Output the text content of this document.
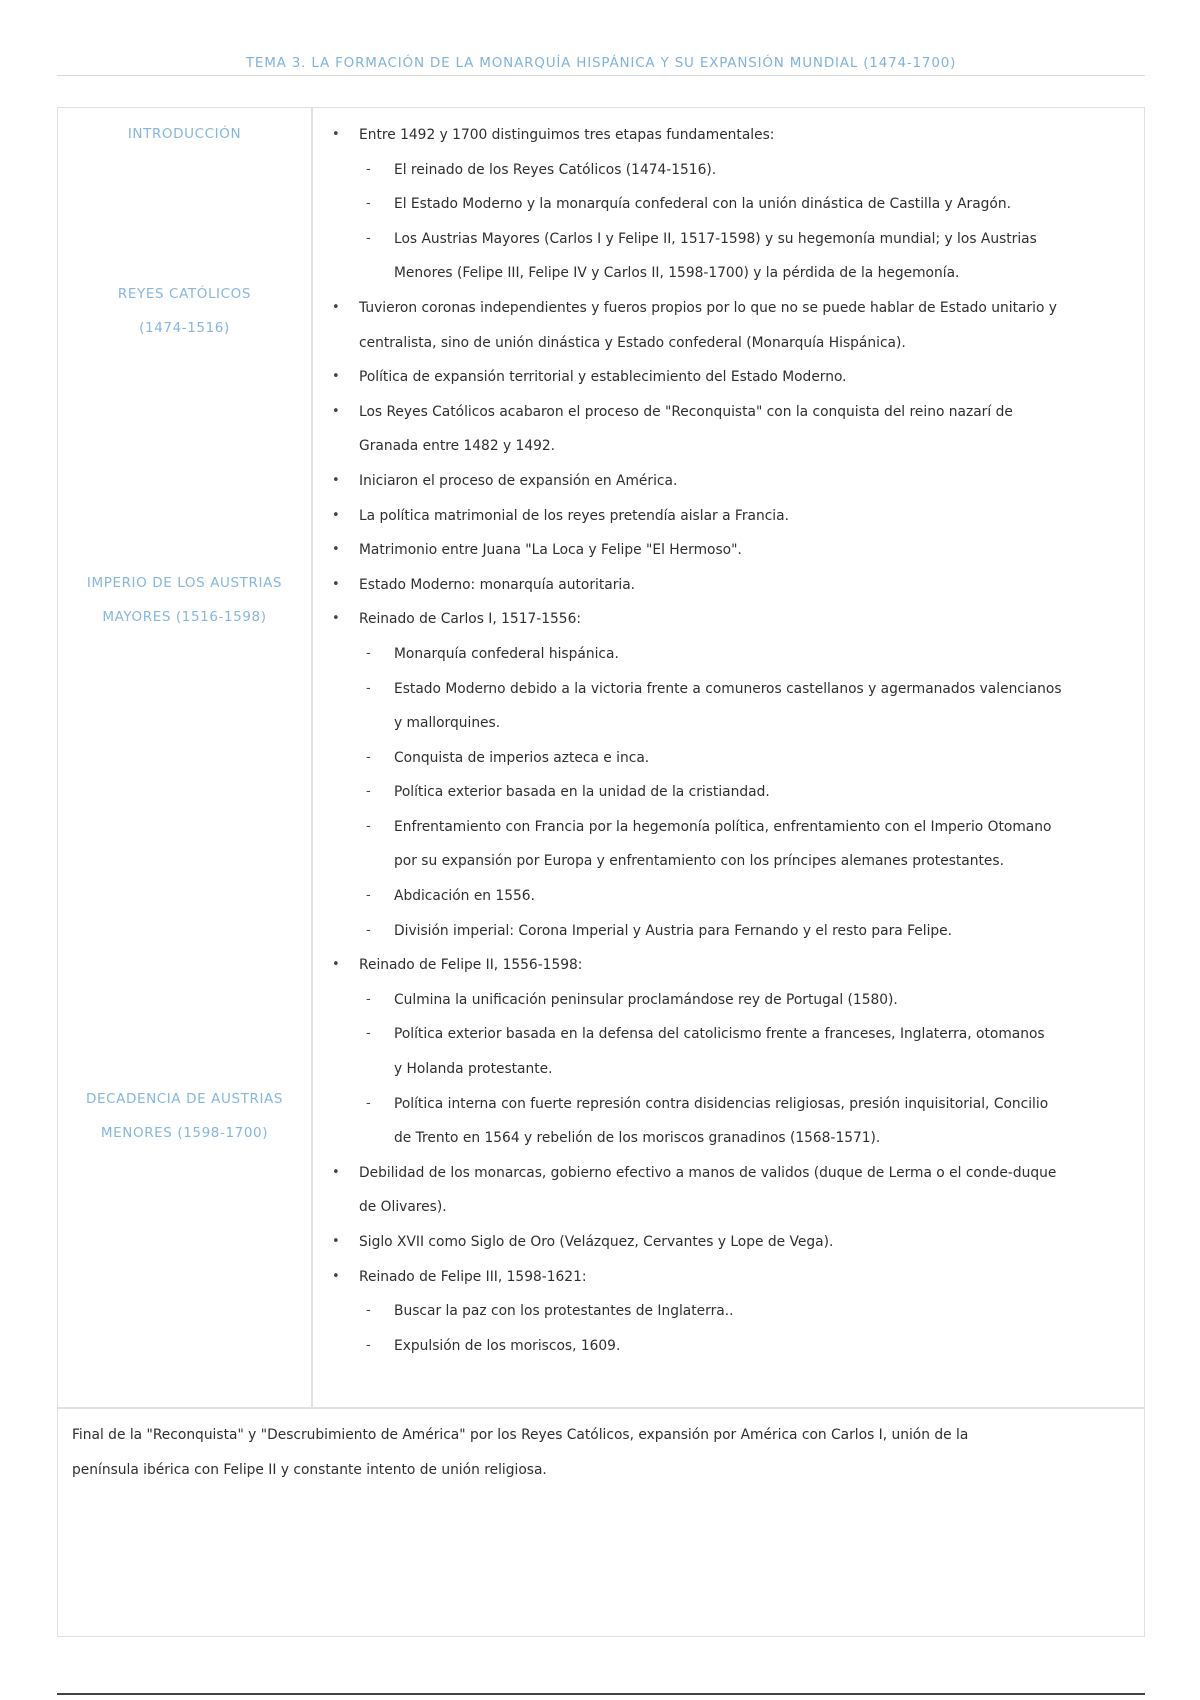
TEMA 3. LA FORMACIÓN DE LA MONARQUÍA HISPÁNICA Y SU EXPANSIÓN MUNDIAL (1474-1700)
INTRODUCCIÓN
REYES CATÓLICOS
(1474-1516)
IMPERIO DE LOS AUSTRIAS
MAYORES (1516-1598)
DECADENCIA DE AUSTRIAS
MENORES (1598-1700)
• Entre 1492 y 1700 distinguimos tres etapas fundamentales:
- El reinado de los Reyes Católicos (1474-1516).
- El Estado Moderno y la monarquía confederal con la unión dinástica de Castilla y Aragón.
- Los Austrias Mayores (Carlos I y Felipe II, 1517-1598) y su hegemonía mundial; y los Austrias
Menores (Felipe III, Felipe IV y Carlos II, 1598-1700) y la pérdida de la hegemonía.
• Tuvieron coronas independientes y fueros propios por lo que no se puede hablar de Estado unitario y
centralista, sino de unión dinástica y Estado confederal (Monarquía Hispánica).
• Política de expansión territorial y establecimiento del Estado Moderno.
• Los Reyes Católicos acabaron el proceso de "Reconquista" con la conquista del reino nazarí de
Granada entre 1482 y 1492.
• Iniciaron el proceso de expansión en América.
• La política matrimonial de los reyes pretendía aislar a Francia.
• Matrimonio entre Juana "La Loca y Felipe "El Hermoso".
• Estado Moderno: monarquía autoritaria.
• Reinado de Carlos I, 1517-1556:
- Monarquía confederal hispánica.
- Estado Moderno debido a la victoria frente a comuneros castellanos y agermanados valencianos
y mallorquines.
- Conquista de imperios azteca e inca.
- Política exterior basada en la unidad de la cristiandad.
- Enfrentamiento con Francia por la hegemonía política, enfrentamiento con el Imperio Otomano
por su expansión por Europa y enfrentamiento con los príncipes alemanes protestantes.
- Abdicación en 1556.
- División imperial: Corona Imperial y Austria para Fernando y el resto para Felipe.
• Reinado de Felipe II, 1556-1598:
- Culmina la unificación peninsular proclamándose rey de Portugal (1580).
- Política exterior basada en la defensa del catolicismo frente a franceses, Inglaterra, otomanos
y Holanda protestante.
- Política interna con fuerte represión contra disidencias religiosas, presión inquisitorial, Concilio
de Trento en 1564 y rebelión de los moriscos granadinos (1568-1571).
• Debilidad de los monarcas, gobierno efectivo a manos de validos (duque de Lerma o el conde-duque
de Olivares).
• Siglo XVII como Siglo de Oro (Velázquez, Cervantes y Lope de Vega).
• Reinado de Felipe III, 1598-1621:
- Buscar la paz con los protestantes de Inglaterra..
- Expulsión de los moriscos, 1609.
Final de la "Reconquista" y "Descrubimiento de América" por los Reyes Católicos, expansión por América con Carlos I, unión de la
península ibérica con Felipe II y constante intento de unión religiosa.
